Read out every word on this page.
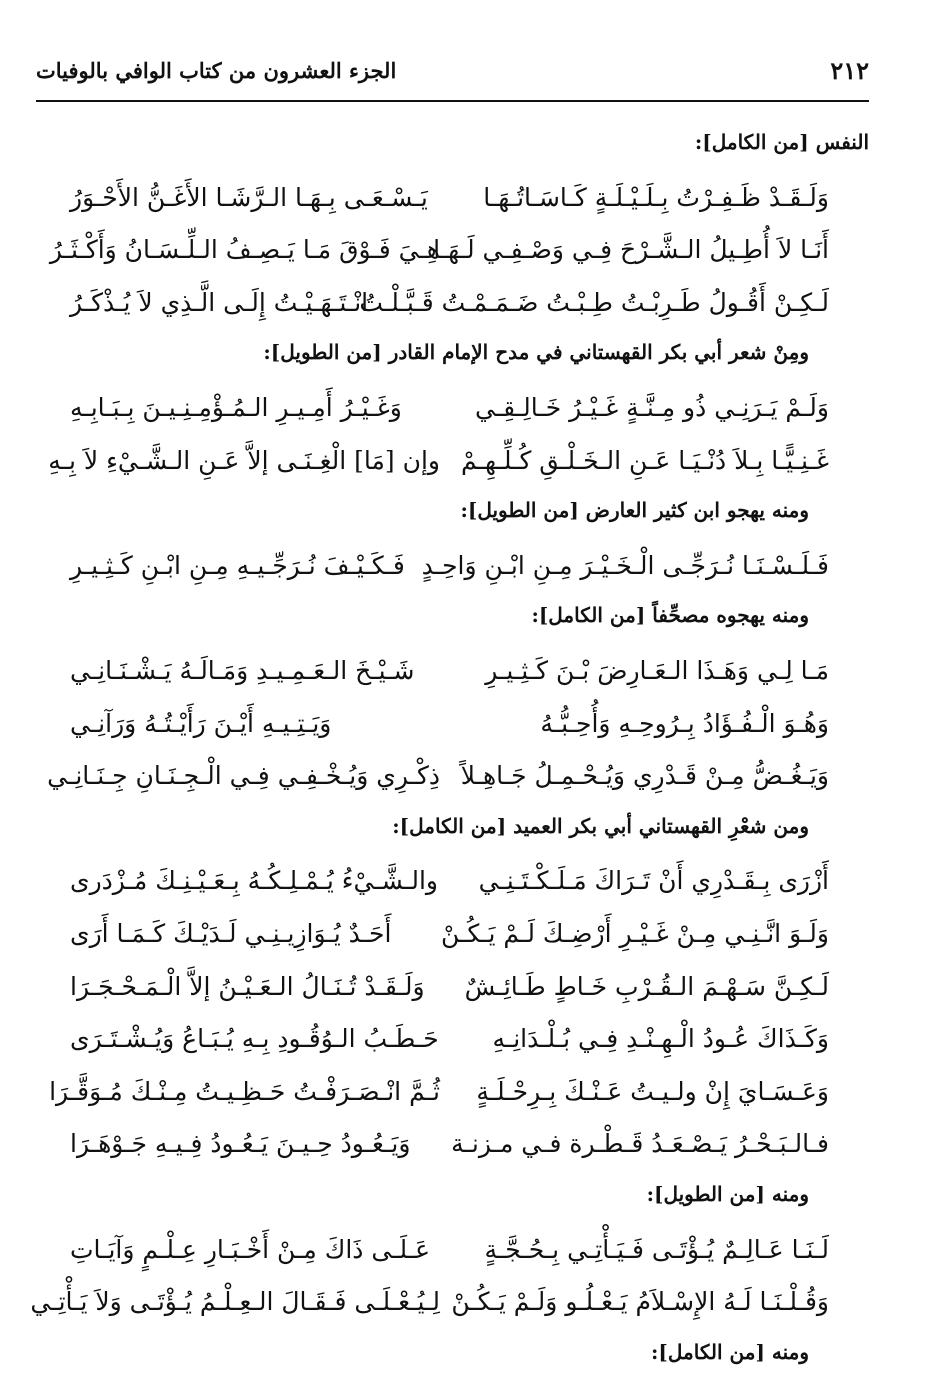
٢١٢
الجزء العشرون من كتاب الوافي بالوفيات
النفس [من الكامل]:
وَلَـقَـدْ ظَـفِـرْتُ بِـلَـيْـلَـةٍ كَـاسَـاتُـهَـا
يَـسْـعَـى بِـهَـا الـرَّشَـا الأَغَـنُّ الأَحْـوَرُ
أَنَـا لاَ أُطِـيلُ الـشَّـرْحَ فِـي وَصْـفِـي لَـهَـا
هِـيَ فَـوْقَ مَـا يَـصِـفُ الـلِّـسَـانُ وَأَكْـثَـرُ
لَـكِـنْ أَقُـولُ طَـرِبْـتُ طِـبْـتُ ضَـمَـمْـتُ قَـبَّـلْـتُ
انْـتَـهَـيْـتُ إِلَـى الَّـذِي لاَ يُـذْكَـرُ
ومِنْ شعر أبي بكر القهستاني في مدح الإمام القادر [من الطويل]:
وَلَـمْ يَـرَنِـي ذُو مِـنَّـةٍ غَـيْـرُ خَـالِـقِـي
وَغَـيْـرُ أَمِـيـرِ الـمُـؤْمِـنِـيـنَ بِـبَـابِـهِ
غَـنِـيًّـا بِـلاَ دُنْـيَـا عَـنِ الـخَـلْـقِ كُـلِّـهِـمْ
وإن [مَا] الْغِـنَـى إلاَّ عَـنِ الـشَّـيْءِ لاَ بِـهِ
ومنه يهجو ابن كثير العارض [من الطويل]:
فَـلَـسْـنَـا نُـرَجِّـى الْـخَـيْـرَ مِـنِ ابْـنِ وَاحِـدٍ
فَـكَـيْـفَ نُـرَجِّـيـهِ مِـنِ ابْـنِ كَـثِـيـرِ
ومنه يهجوه مصحِّفاً [من الكامل]:
مَـا لِـي وَهَـذَا الـعَـارِضَ بْـنَ كَـثِـيـرِ
شَـيْـخَ الـعَـمِـيـدِ وَمَـالَـهُ يَـشْـنَـانِـي
وَهُـوَ الْـفُـؤَادُ بِـرُوحِـهِ وَأُحِـبُّـهُ
وَيَـتِـيـهِ أَيْـنَ رَأَيْـتُـهُ وَرَآنِـي
وَيَـغُـضُّ مِـنْ قَـدْرِي وَيُـحْـمِـلُ جَـاهِـلاً
ذِكْـرِي وَيُـخْـفِـي فِـي الْـجِـنَـانِ جِـنَـانِـي
ومن شعْرِ القهستاني أبي بكر العميد [من الكامل]:
أَزْرَى بِـقَـدْرِي أَنْ تَـرَاكَ مَـلَـكْـتَـنِـي
والـشَّـيْءُ يُـمْـلِـكُـهُ بِـعَـيْـنِـكَ مُـزْدَرى
وَلَـوَ انَّـنِـي مِـنْ غَـيْـرِ أَرْضِـكَ لَـمْ يَـكُـنْ
أَحَـدٌ يُـوَازِيـنِـي لَـدَيْـكَ كَـمَـا أَرَى
لَـكِـنَّ سَـهْـمَ الـقُـرْبِ خَـاطٍ طَـائِـشٌ
وَلَـقَـدْ تُـنَـالُ الـعَـيْـنُ إلاَّ الْـمَـحْـجَـرَا
وَكَـذَاكَ عُـودُ الْـهِـنْـدِ فِـي بُـلْـدَانِـهِ
حَـطَـبُ الـوُقُـودِ بِـهِ يُـبَـاعُ وَيُـشْـتَـرَى
وَعَـسَـايَ إِنْ ولـيـتُ عَـنْـكَ بِـرِحْـلَـةٍ
ثُـمَّ انْـصَـرَفْـتُ حَـظِـيـتُ مِـنْـكَ مُـوَقَّـرَا
فـالـبَـحْـرُ يَـصْـعَـدُ قَـطْـرة فـي مـزنـة
وَيَـعُـودُ حِـيـنَ يَـعُـودُ فِـيـهِ جَـوْهَـرَا
ومنه [من الطويل]:
لَـنَـا عَـالِـمٌ يُـؤْتَـى فَـيَـأْتِـي بِـحُـجَّـةٍ
عَـلَـى ذَاكَ مِـنْ أَخْـبَـارِ عِـلْـمٍ وَآيَـاتِ
وَقُـلْـنَـا لَـهُ الإِسْـلاَمُ يَـعْـلُـو وَلَـمْ يَـكُـنْ
لِـيُـعْـلَـى فَـقَـالَ الـعِـلْـمُ يُـؤْتَـى وَلاَ يَـأْتِـي
ومنه [من الكامل]:
